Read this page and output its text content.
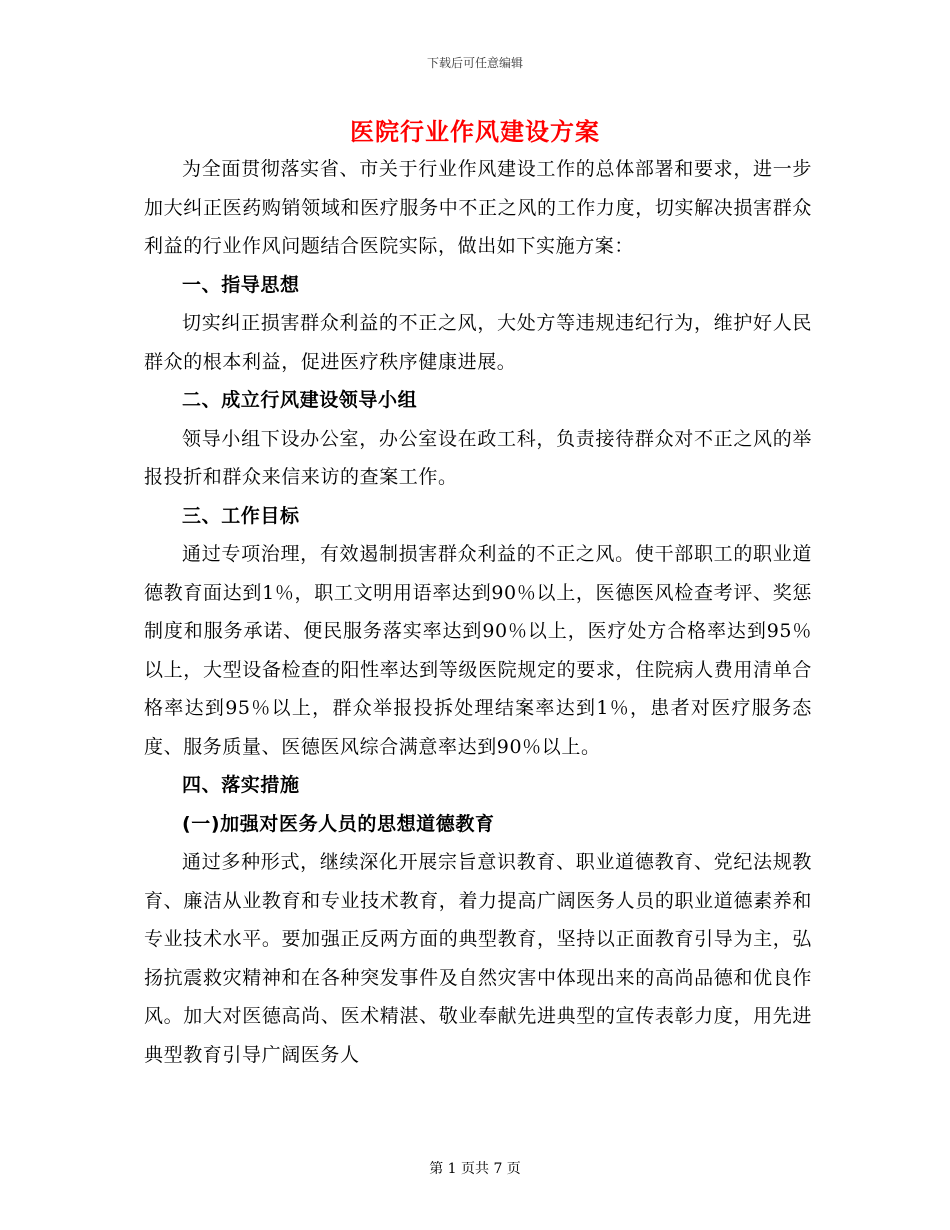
下载后可任意编辑
医院行业作风建设方案

为全面贯彻落实省、市关于行业作风建设工作的总体部署和要求，进一步加大纠正医药购销领域和医疗服务中不正之风的工作力度，切实解决损害群众利益的行业作风问题结合医院实际，做出如下实施方案：

一、指导思想

切实纠正损害群众利益的不正之风，大处方等违规违纪行为，维护好人民群众的根本利益，促进医疗秩序健康进展。

二、成立行风建设领导小组

领导小组下设办公室，办公室设在政工科，负责接待群众对不正之风的举报投折和群众来信来访的查案工作。

三、工作目标

通过专项治理，有效遏制损害群众利益的不正之风。使干部职工的职业道德教育面达到1％，职工文明用语率达到90％以上，医德医风检查考评、奖惩制度和服务承诺、便民服务落实率达到90％以上，医疗处方合格率达到95％以上，大型设备检查的阳性率达到等级医院规定的要求，住院病人费用清单合格率达到95％以上，群众举报投拆处理结案率达到1％，患者对医疗服务态度、服务质量、医德医风综合满意率达到90％以上。

四、落实措施

(一)加强对医务人员的思想道德教育

通过多种形式，继续深化开展宗旨意识教育、职业道德教育、党纪法规教育、廉洁从业教育和专业技术教育，着力提高广阔医务人员的职业道德素养和专业技术水平。要加强正反两方面的典型教育，坚持以正面教育引导为主，弘扬抗震救灾精神和在各种突发事件及自然灾害中体现出来的高尚品德和优良作风。加大对医德高尚、医术精湛、敬业奉献先进典型的宣传表彰力度，用先进典型教育引导广阔医务人

第 1 页共 7 页
